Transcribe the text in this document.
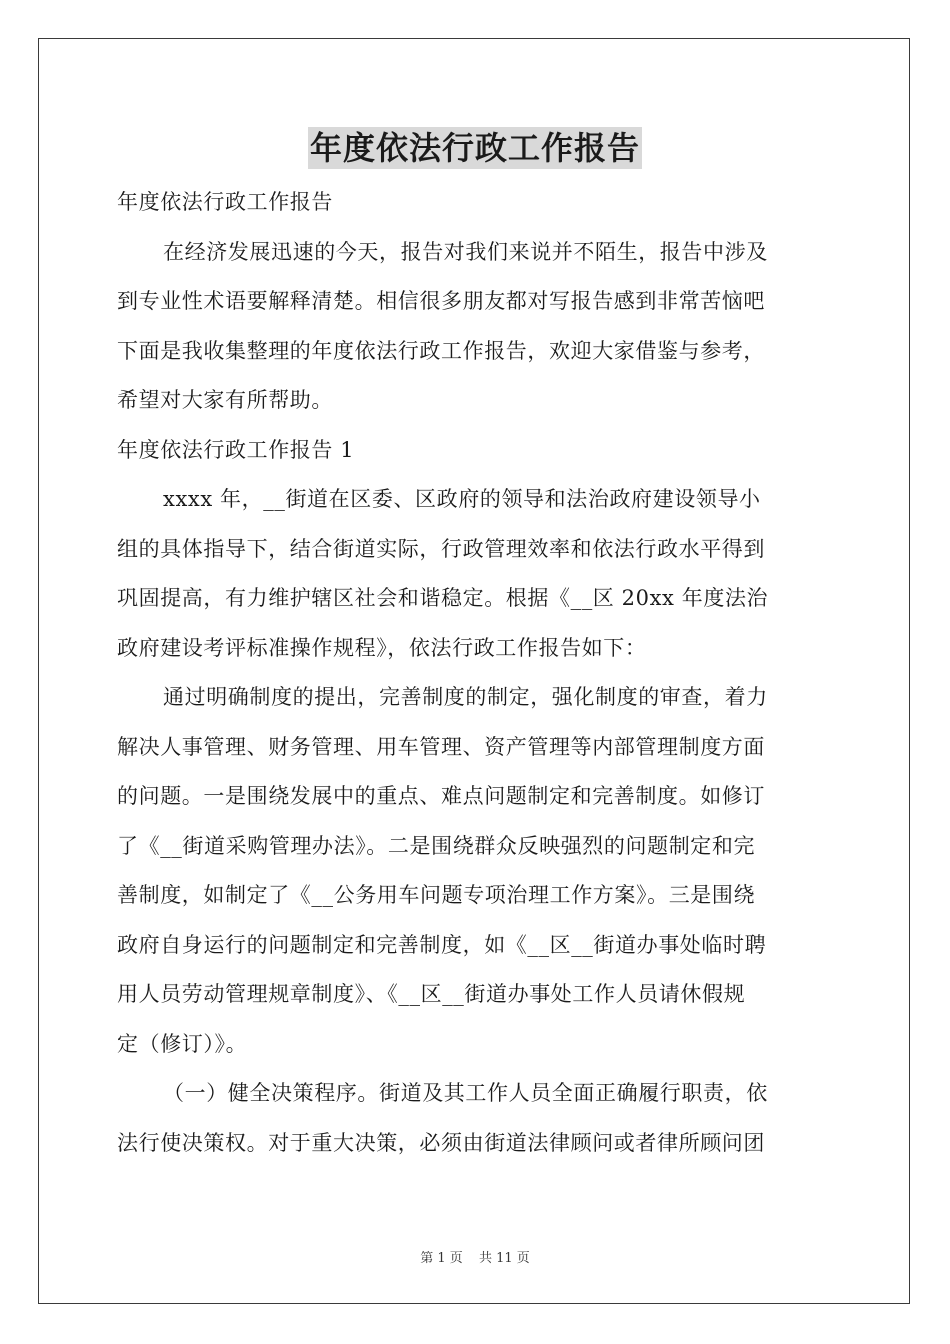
年度依法行政工作报告
年度依法行政工作报告
在经济发展迅速的今天，报告对我们来说并不陌生，报告中涉及
到专业性术语要解释清楚。相信很多朋友都对写报告感到非常苦恼吧
下面是我收集整理的年度依法行政工作报告，欢迎大家借鉴与参考，
希望对大家有所帮助。
年度依法行政工作报告 1
xxxx 年，__街道在区委、区政府的领导和法治政府建设领导小
组的具体指导下，结合街道实际，行政管理效率和依法行政水平得到
巩固提高，有力维护辖区社会和谐稳定。根据《__区 20xx 年度法治
政府建设考评标准操作规程》，依法行政工作报告如下：
通过明确制度的提出，完善制度的制定，强化制度的审查，着力
解决人事管理、财务管理、用车管理、资产管理等内部管理制度方面
的问题。一是围绕发展中的重点、难点问题制定和完善制度。如修订
了《__街道采购管理办法》。二是围绕群众反映强烈的问题制定和完
善制度，如制定了《__公务用车问题专项治理工作方案》。三是围绕
政府自身运行的问题制定和完善制度，如《__区__街道办事处临时聘
用人员劳动管理规章制度》、《__区__街道办事处工作人员请休假规
定（修订）》。
（一）健全决策程序。街道及其工作人员全面正确履行职责，依
法行使决策权。对于重大决策，必须由街道法律顾问或者律所顾问团
第 1 页 共 11 页
